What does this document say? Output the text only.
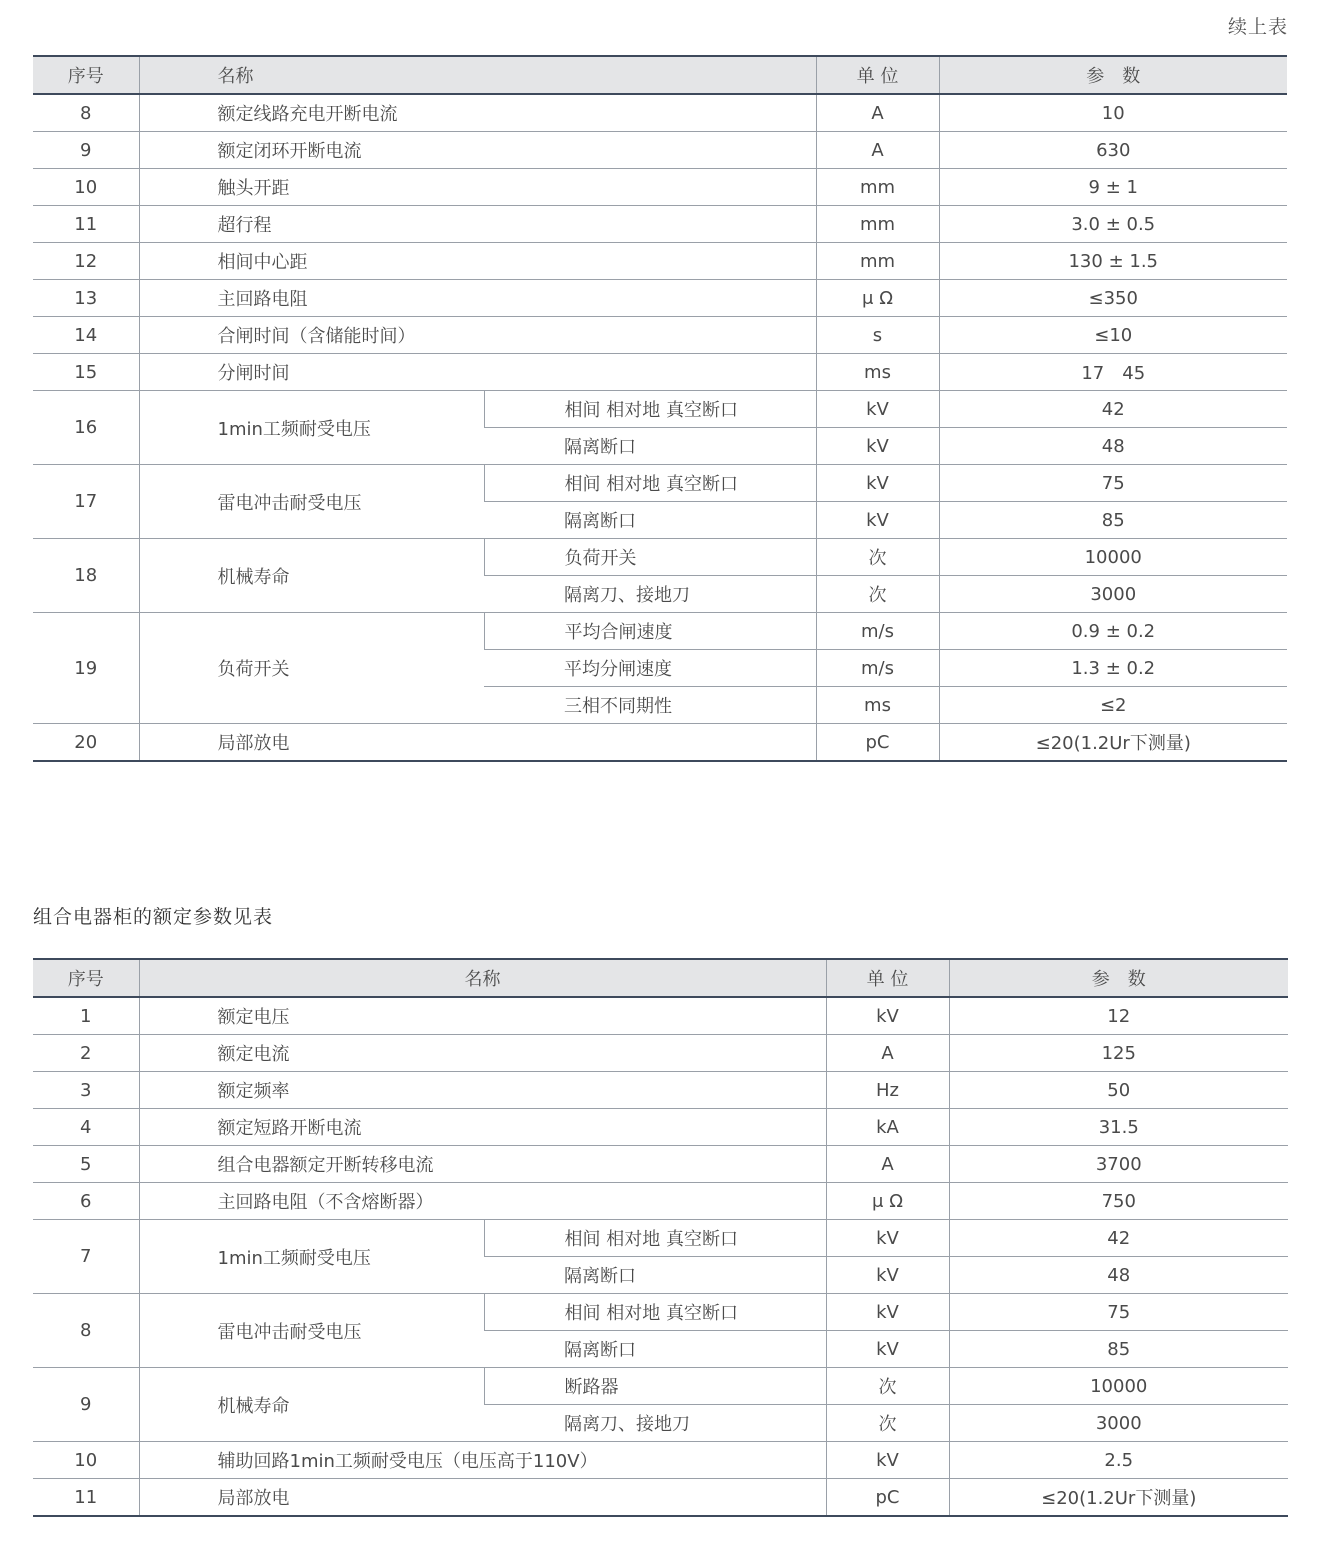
续上表
序号	名称		单 位	参　数
8	额定线路充电开断电流		A	10
9	额定闭环开断电流		A	630
10	触头开距		mm	9 ± 1
11	超行程		mm	3.0 ± 0.5
12	相间中心距		mm	130 ± 1.5
13	主回路电阻		μ Ω	≤350
14	合闸时间（含储能时间）		s	≤10
15	分闸时间		ms	17　45
16	1min工频耐受电压	相间 相对地 真空断口	kV	42
		隔离断口	kV	48
17	雷电冲击耐受电压	相间 相对地 真空断口	kV	75
		隔离断口	kV	85
18	机械寿命	负荷开关	次	10000
		隔离刀、接地刀	次	3000
19	负荷开关	平均合闸速度	m/s	0.9 ± 0.2
		平均分闸速度	m/s	1.3 ± 0.2
		三相不同期性	ms	≤2
20	局部放电		pC	≤20(1.2Ur下测量)
组合电器柜的额定参数见表
序号	名称		单 位	参　数
1	额定电压		kV	12
2	额定电流		A	125
3	额定频率		Hz	50
4	额定短路开断电流		kA	31.5
5	组合电器额定开断转移电流		A	3700
6	主回路电阻（不含熔断器）		μ Ω	750
7	1min工频耐受电压	相间 相对地 真空断口	kV	42
		隔离断口	kV	48
8	雷电冲击耐受电压	相间 相对地 真空断口	kV	75
		隔离断口	kV	85
9	机械寿命	断路器	次	10000
		隔离刀、接地刀	次	3000
10	辅助回路1min工频耐受电压（电压高于110V）		kV	2.5
11	局部放电		pC	≤20(1.2Ur下测量)
